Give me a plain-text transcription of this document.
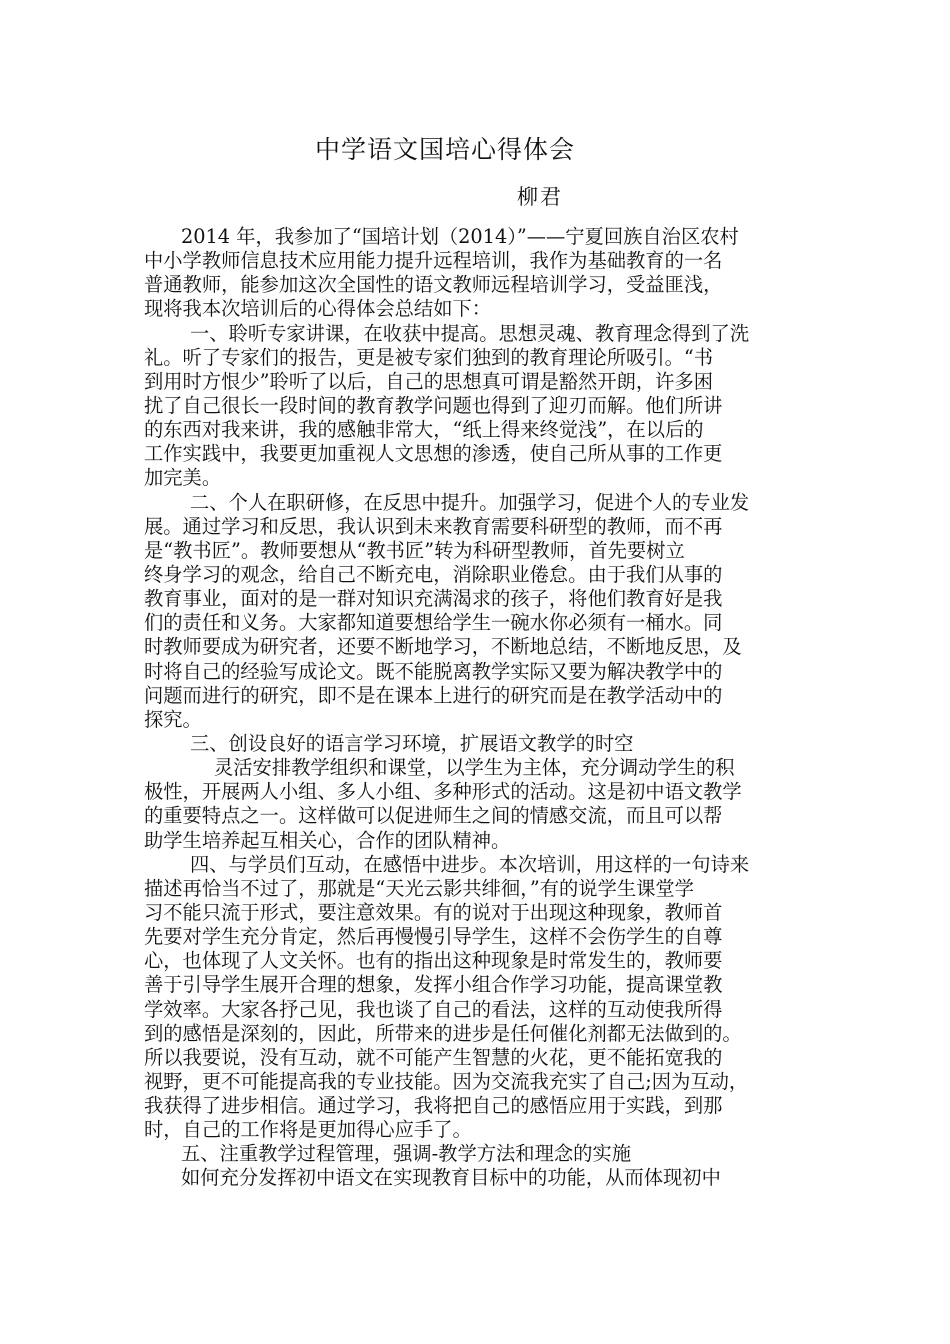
中学语文国培心得体会
柳君
2014 年，我参加了“国培计划（2014）”——宁夏回族自治区农村
中小学教师信息技术应用能力提升远程培训，我作为基础教育的一名
普通教师，能参加这次全国性的语文教师远程培训学习，受益匪浅，
现将我本次培训后的心得体会总结如下：
一、聆听专家讲课，在收获中提高。思想灵魂、教育理念得到了洗
礼。听了专家们的报告，更是被专家们独到的教育理论所吸引。“书
到用时方恨少”聆听了以后，自己的思想真可谓是豁然开朗，许多困
扰了自己很长一段时间的教育教学问题也得到了迎刃而解。他们所讲
的东西对我来讲，我的感触非常大，“纸上得来终觉浅”，在以后的
工作实践中，我要更加重视人文思想的渗透，使自己所从事的工作更
加完美。
二、个人在职研修，在反思中提升。加强学习，促进个人的专业发
展。通过学习和反思，我认识到未来教育需要科研型的教师，而不再
是“教书匠”。教师要想从“教书匠”转为科研型教师，首先要树立
终身学习的观念，给自己不断充电，消除职业倦怠。由于我们从事的
教育事业，面对的是一群对知识充满渴求的孩子，将他们教育好是我
们的责任和义务。大家都知道要想给学生一碗水你必须有一桶水。同
时教师要成为研究者，还要不断地学习，不断地总结，不断地反思，及
时将自己的经验写成论文。既不能脱离教学实际又要为解决教学中的
问题而进行的研究，即不是在课本上进行的研究而是在教学活动中的
探究。
三、创设良好的语言学习环境，扩展语文教学的时空
灵活安排教学组织和课堂，以学生为主体，充分调动学生的积
极性，开展两人小组、多人小组、多种形式的活动。这是初中语文教学
的重要特点之一。这样做可以促进师生之间的情感交流，而且可以帮
助学生培养起互相关心，合作的团队精神。
四、与学员们互动，在感悟中进步。本次培训，用这样的一句诗来
描述再恰当不过了，那就是“天光云影共绯徊，”有的说学生课堂学
习不能只流于形式，要注意效果。有的说对于出现这种现象，教师首
先要对学生充分肯定，然后再慢慢引导学生，这样不会伤学生的自尊
心，也体现了人文关怀。也有的指出这种现象是时常发生的，教师要
善于引导学生展开合理的想象，发挥小组合作学习功能，提高课堂教
学效率。大家各抒己见，我也谈了自己的看法，这样的互动使我所得
到的感悟是深刻的，因此，所带来的进步是任何催化剂都无法做到的。
所以我要说，没有互动，就不可能产生智慧的火花，更不能拓宽我的
视野，更不可能提高我的专业技能。因为交流我充实了自己;因为互动，
我获得了进步相信。通过学习，我将把自己的感悟应用于实践，到那
时，自己的工作将是更加得心应手了。
五、注重教学过程管理，强调-教学方法和理念的实施
如何充分发挥初中语文在实现教育目标中的功能，从而体现初中
